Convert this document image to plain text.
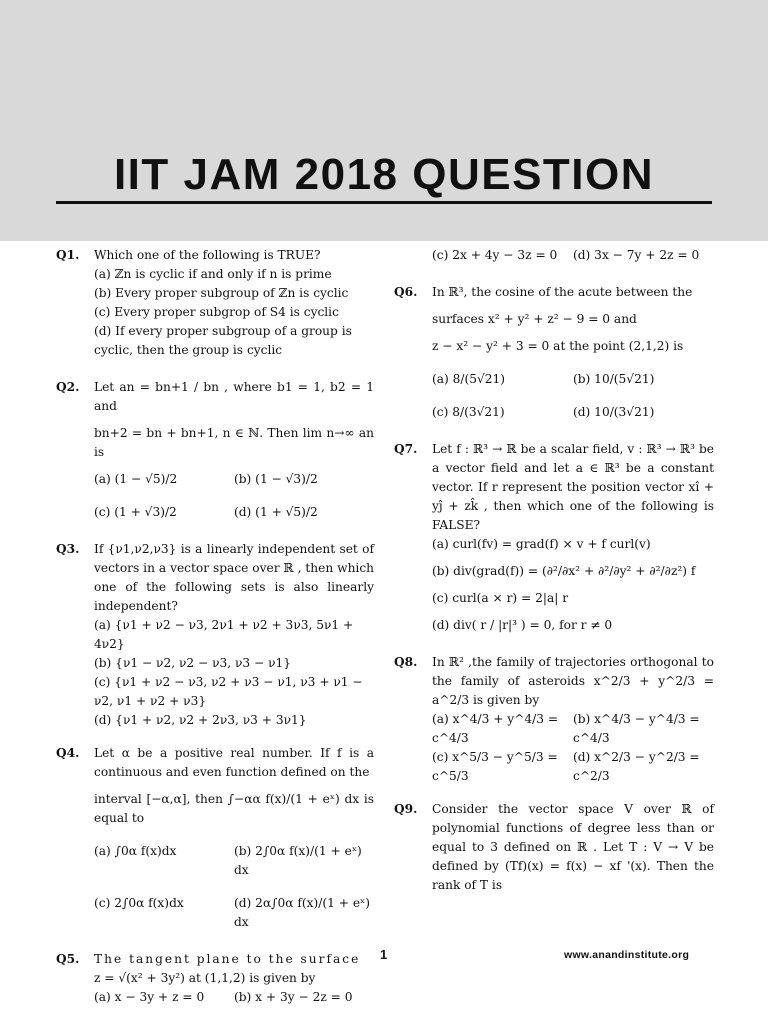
IIT JAM 2018 QUESTION
Q1. Which one of the following is TRUE?
(a) ℤn is cyclic if and only if n is prime
(b) Every proper subgroup of ℤn is cyclic
(c) Every proper subgrop of S4 is cyclic
(d) If every proper subgroup of a group is cyclic, then the group is cyclic
Q2. Let an = bn+1 / bn , where b1 = 1, b2 = 1 and
bn+2 = bn + bn+1, n ∈ ℕ. Then lim n→∞ an is
(a) (1 − √5)/2	(b) (1 − √3)/2
(c) (1 + √3)/2	(d) (1 + √5)/2
Q3. If {ν1,ν2,ν3} is a linearly independent set of vectors in a vector space over ℝ , then which one of the following sets is also linearly independent?
(a) {ν1 + ν2 − ν3, 2ν1 + ν2 + 3ν3, 5ν1 + 4ν2}
(b) {ν1 − ν2, ν2 − ν3, ν3 − ν1}
(c) {ν1 + ν2 − ν3, ν2 + ν3 − ν1, ν3 + ν1 − ν2, ν1 + ν2 + ν3}
(d) {ν1 + ν2, ν2 + 2ν3, ν3 + 3ν1}
Q4. Let α be a positive real number. If f is a continuous and even function defined on the
interval [−α,α], then ∫−αα f(x)/(1 + eˣ) dx is equal to
(a) ∫0α f(x)dx	(b) 2∫0α f(x)/(1 + eˣ) dx
(c) 2∫0α f(x)dx	(d) 2α∫0α f(x)/(1 + eˣ) dx
Q5. The tangent plane to the surface
z = √(x² + 3y²) at (1,1,2) is given by
(a) x − 3y + z = 0	(b) x + 3y − 2z = 0
(c) 2x + 4y − 3z = 0	(d) 3x − 7y + 2z = 0
Q6. In ℝ³, the cosine of the acute between the
surfaces x² + y² + z² − 9 = 0 and
z − x² − y² + 3 = 0 at the point (2,1,2) is
(a) 8/(5√21)	(b) 10/(5√21)
(c) 8/(3√21)	(d) 10/(3√21)
Q7. Let f : ℝ³ → ℝ be a scalar field, v : ℝ³ → ℝ³ be a vector field and let a ∈ ℝ³ be a constant vector. If r represent the position vector xî + yĵ + zk̂ , then which one of the following is FALSE?
(a) curl(fv) = grad(f) × v + f curl(v)
(b) div(grad(f)) = (∂²/∂x² + ∂²/∂y² + ∂²/∂z²) f
(c) curl(a × r) = 2|a| r
(d) div( r / |r|³ ) = 0, for r ≠ 0
Q8. In ℝ² ,the family of trajectories orthogonal to the family of asteroids x^2/3 + y^2/3 = a^2/3 is given by
(a) x^4/3 + y^4/3 = c^4/3
(b) x^4/3 − y^4/3 = c^4/3
(c) x^5/3 − y^5/3 = c^5/3
(d) x^2/3 − y^2/3 = c^2/3
Q9. Consider the vector space V over ℝ of polynomial functions of degree less than or equal to 3 defined on ℝ . Let T : V → V be defined by (Tf)(x) = f(x) − xf '(x). Then the rank of T is
1	www.anandinstitute.org
